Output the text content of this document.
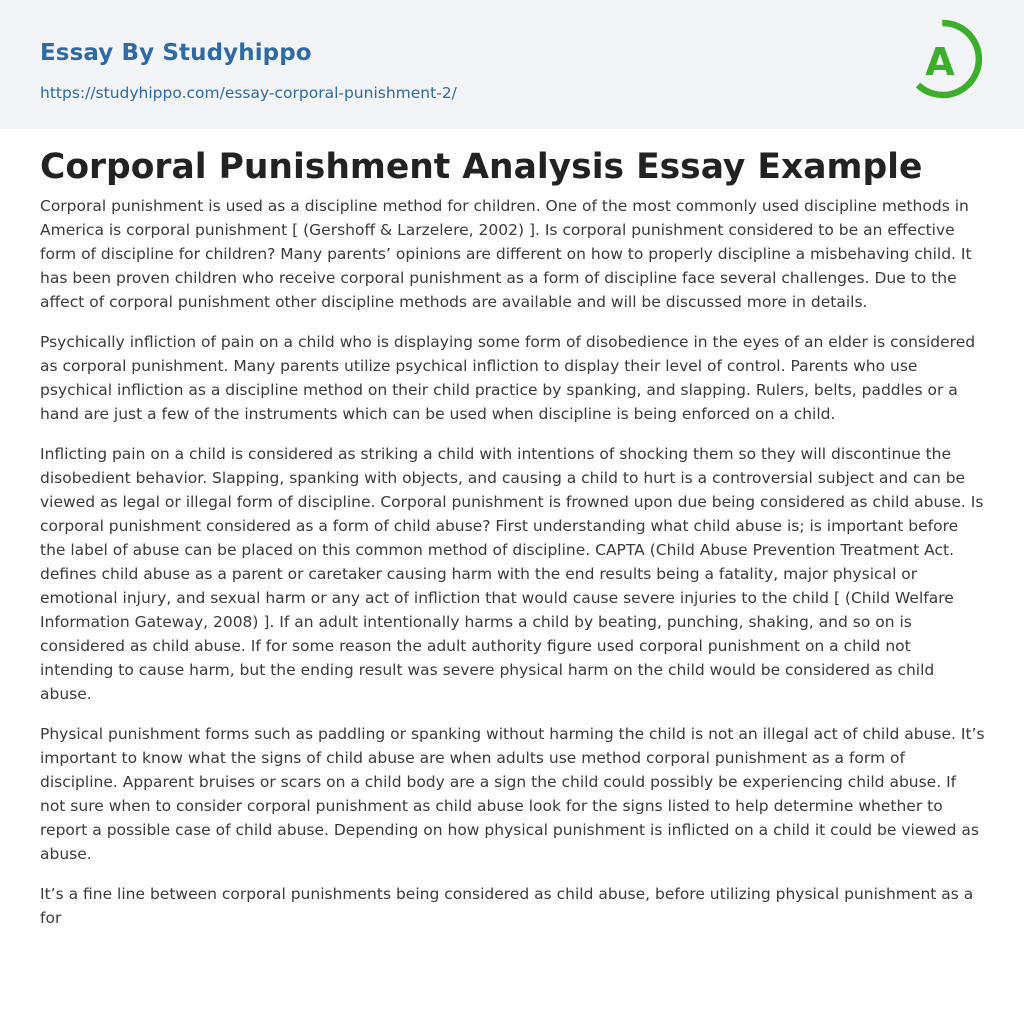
Essay By Studyhippo
https://studyhippo.com/essay-corporal-punishment-2/
A
Corporal Punishment Analysis Essay Example

Corporal punishment is used as a discipline method for children. One of the most commonly used discipline methods in America is corporal punishment [ (Gershoff & Larzelere, 2002) ]. Is corporal punishment considered to be an effective form of discipline for children? Many parents’ opinions are different on how to properly discipline a misbehaving child. It has been proven children who receive corporal punishment as a form of discipline face several challenges. Due to the affect of corporal punishment other discipline methods are available and will be discussed more in details.

Psychically infliction of pain on a child who is displaying some form of disobedience in the eyes of an elder is considered as corporal punishment. Many parents utilize psychical infliction to display their level of control. Parents who use psychical infliction as a discipline method on their child practice by spanking, and slapping. Rulers, belts, paddles or a hand are just a few of the instruments which can be used when discipline is being enforced on a child.

Inflicting pain on a child is considered as striking a child with intentions of shocking them so they will discontinue the disobedient behavior. Slapping, spanking with objects, and causing a child to hurt is a controversial subject and can be viewed as legal or illegal form of discipline. Corporal punishment is frowned upon due being considered as child abuse. Is corporal punishment considered as a form of child abuse? First understanding what child abuse is; is important before the label of abuse can be placed on this common method of discipline. CAPTA (Child Abuse Prevention Treatment Act. defines child abuse as a parent or caretaker causing harm with the end results being a fatality, major physical or emotional injury, and sexual harm or any act of infliction that would cause severe injuries to the child [ (Child Welfare Information Gateway, 2008) ]. If an adult intentionally harms a child by beating, punching, shaking, and so on is considered as child abuse. If for some reason the adult authority figure used corporal punishment on a child not intending to cause harm, but the ending result was severe physical harm on the child would be considered as child abuse.

Physical punishment forms such as paddling or spanking without harming the child is not an illegal act of child abuse. It’s important to know what the signs of child abuse are when adults use method corporal punishment as a form of discipline. Apparent bruises or scars on a child body are a sign the child could possibly be experiencing child abuse. If not sure when to consider corporal punishment as child abuse look for the signs listed to help determine whether to report a possible case of child abuse. Depending on how physical punishment is inflicted on a child it could be viewed as abuse.

It’s a fine line between corporal punishments being considered as child abuse, before utilizing physical punishment as a for
